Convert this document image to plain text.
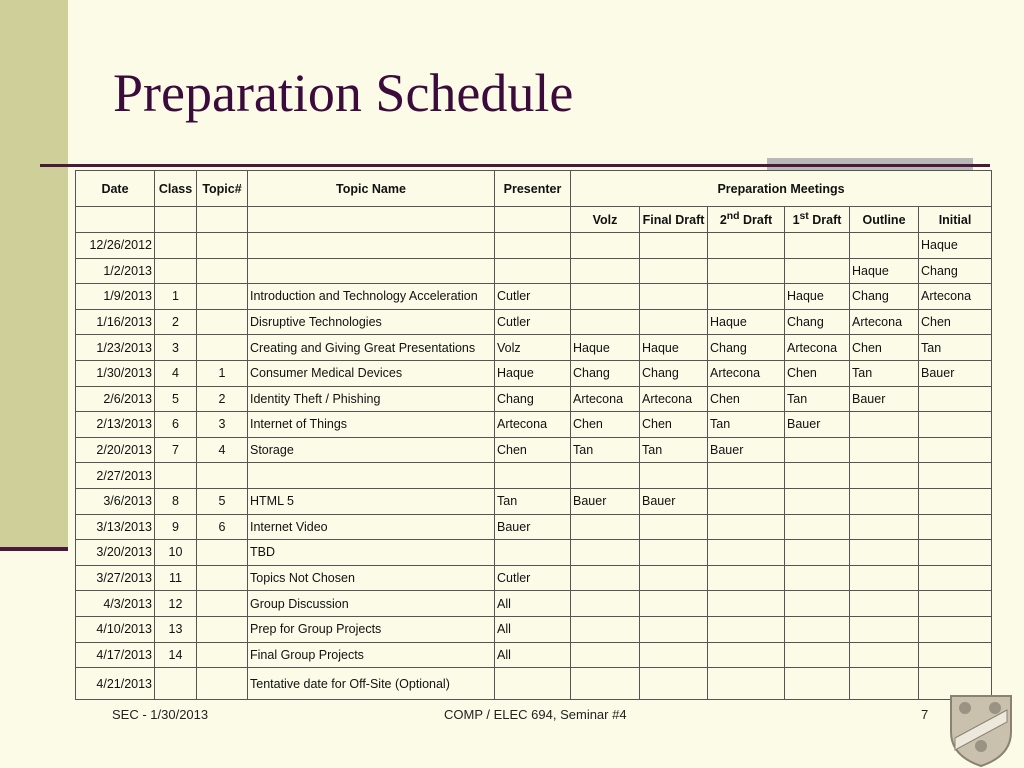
Preparation Schedule
Date	Class	Topic#	Topic Name	Presenter	Preparation Meetings					
					Volz	Final Draft	2nd Draft	1st Draft	Outline	Initial
12/26/2012										Haque
1/2/2013									Haque	Chang
1/9/2013	1		Introduction and Technology Acceleration	Cutler				Haque	Chang	Artecona
1/16/2013	2		Disruptive Technologies	Cutler			Haque	Chang	Artecona	Chen
1/23/2013	3		Creating and Giving Great Presentations	Volz	Haque	Haque	Chang	Artecona	Chen	Tan
1/30/2013	4	1	Consumer Medical Devices	Haque	Chang	Chang	Artecona	Chen	Tan	Bauer
2/6/2013	5	2	Identity Theft / Phishing	Chang	Artecona	Artecona	Chen	Tan	Bauer	
2/13/2013	6	3	Internet of Things	Artecona	Chen	Chen	Tan	Bauer		
2/20/2013	7	4	Storage	Chen	Tan	Tan	Bauer			
2/27/2013										
3/6/2013	8	5	HTML 5	Tan	Bauer	Bauer				
3/13/2013	9	6	Internet Video	Bauer						
3/20/2013	10		TBD							
3/27/2013	11		Topics Not Chosen	Cutler						
4/3/2013	12		Group Discussion	All						
4/10/2013	13		Prep for Group Projects	All						
4/17/2013	14		Final Group Projects	All						
4/21/2013			Tentative date for Off-Site (Optional)							
SEC - 1/30/2013	COMP / ELEC 694, Seminar #4	7
